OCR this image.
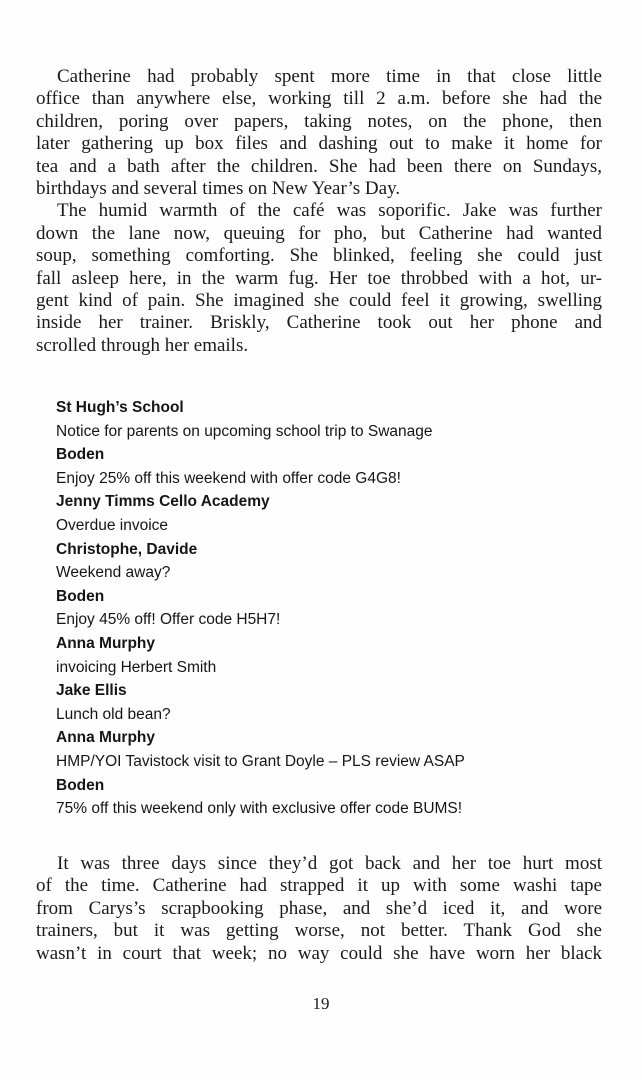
Catherine had probably spent more time in that close little
office than anywhere else, working till 2 a.m. before she had the
children, poring over papers, taking notes, on the phone, then
later gathering up box files and dashing out to make it home for
tea and a bath after the children. She had been there on Sundays,
birthdays and several times on New Year’s Day.
The humid warmth of the café was soporific. Jake was further
down the lane now, queuing for pho, but Catherine had wanted
soup, something comforting. She blinked, feeling she could just
fall asleep here, in the warm fug. Her toe throbbed with a hot, ur-
gent kind of pain. She imagined she could feel it growing, swelling
inside her trainer. Briskly, Catherine took out her phone and
scrolled through her emails.
St Hugh’s School
Notice for parents on upcoming school trip to Swanage
Boden
Enjoy 25% off this weekend with offer code G4G8!
Jenny Timms Cello Academy
Overdue invoice
Christophe, Davide
Weekend away?
Boden
Enjoy 45% off! Offer code H5H7!
Anna Murphy
invoicing Herbert Smith
Jake Ellis
Lunch old bean?
Anna Murphy
HMP/YOI Tavistock visit to Grant Doyle – PLS review ASAP
Boden
75% off this weekend only with exclusive offer code BUMS!
It was three days since they’d got back and her toe hurt most
of the time. Catherine had strapped it up with some washi tape
from Carys’s scrapbooking phase, and she’d iced it, and wore
trainers, but it was getting worse, not better. Thank God she
wasn’t in court that week; no way could she have worn her black
19
